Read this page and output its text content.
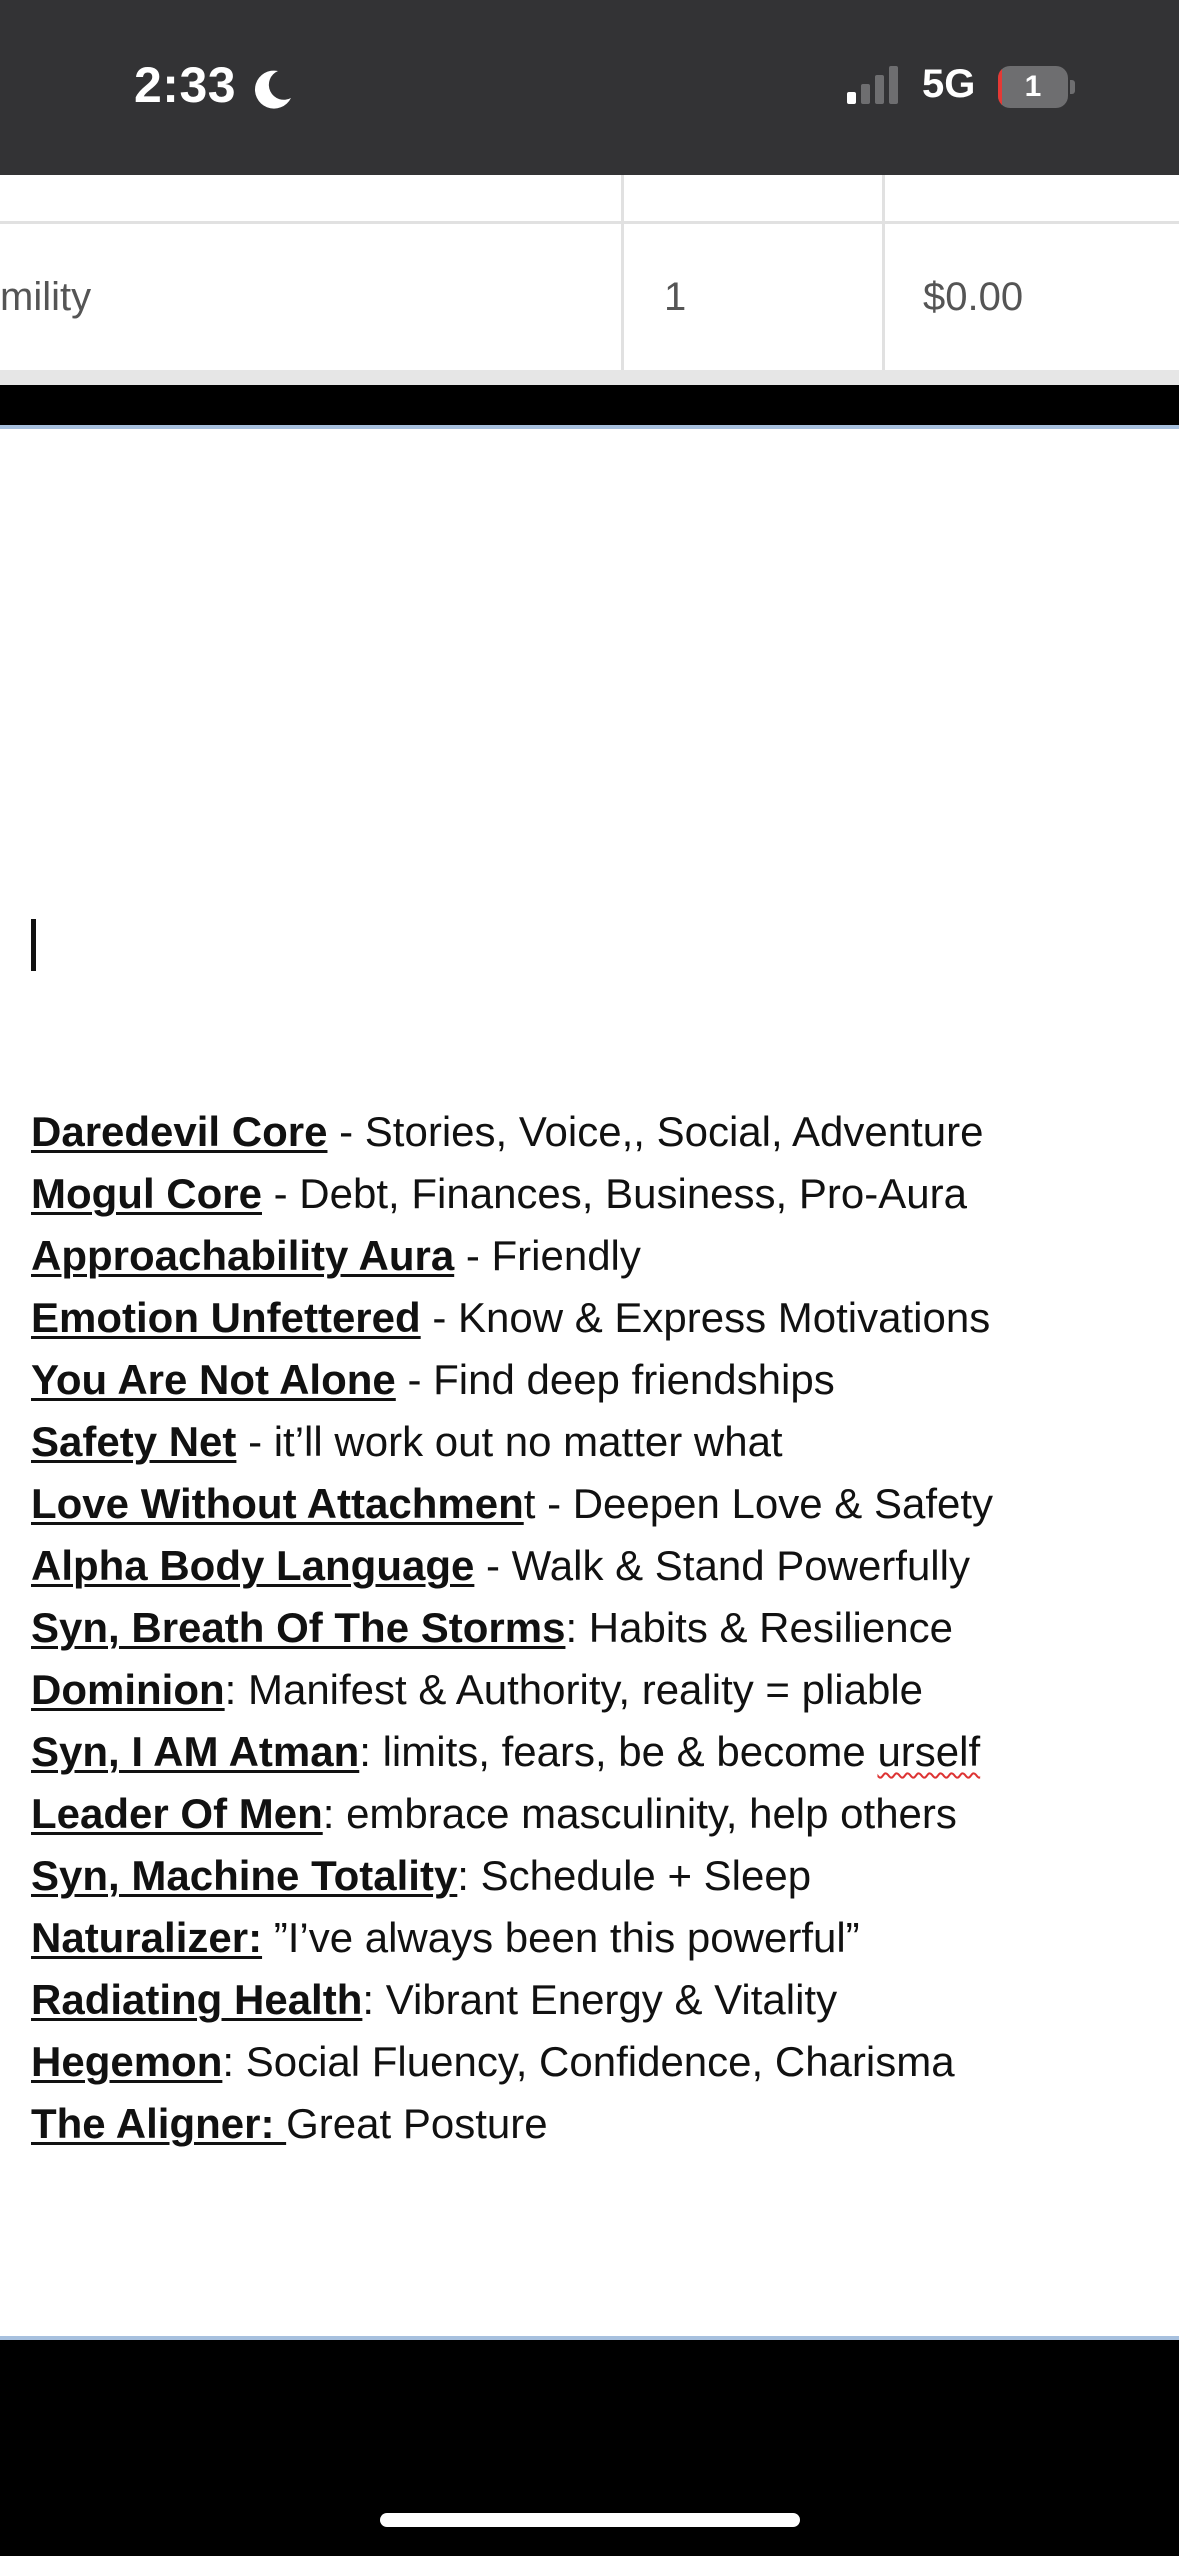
2:33	5G	1
mility	1	$0.00
Daredevil Core - Stories, Voice,, Social, Adventure
Mogul Core - Debt, Finances, Business, Pro-Aura
Approachability Aura - Friendly
Emotion Unfettered - Know & Express Motivations
You Are Not Alone - Find deep friendships
Safety Net - it’ll work out no matter what
Love Without Attachment - Deepen Love & Safety
Alpha Body Language - Walk & Stand Powerfully
Syn, Breath Of The Storms: Habits & Resilience
Dominion: Manifest & Authority, reality = pliable
Syn, I AM Atman: limits, fears, be & become urself
Leader Of Men: embrace masculinity, help others
Syn, Machine Totality: Schedule + Sleep
Naturalizer: ”I’ve always been this powerful”
Radiating Health: Vibrant Energy & Vitality
Hegemon: Social Fluency, Confidence, Charisma
The Aligner: Great Posture
